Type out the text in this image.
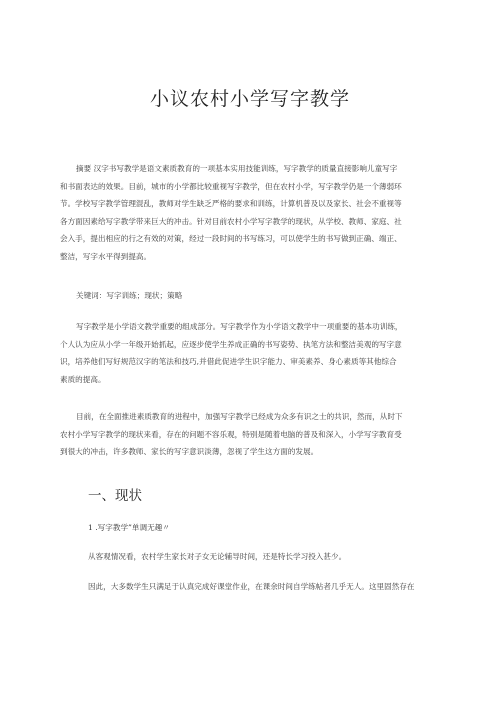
小议农村小学写字教学
摘要 汉字书写教学是语文素质教育的一项基本实用技能训练，写字教学的质量直接影响儿童写字
和书面表达的效果。目前，城市的小学都比较重视写字教学，但在农村小学，写字教学仍是一个薄弱环
节。学校写字教学管理混乱，教师对学生缺乏严格的要求和训练，计算机普及以及家长、社会不重视等
各方面因素给写字教学带来巨大的冲击。针对目前农村小学写字教学的现状，从学校、教师、家庭、社
会入手，提出相应的行之有效的对策，经过一段时间的书写练习，可以使学生的书写做到正确、端正、
整洁，写字水平得到提高。
关键词：写字训练；现状；策略
写字教学是小学语文教学重要的组成部分。写字教学作为小学语文教学中一项重要的基本功训练，
个人认为应从小学一年级开始抓起，应逐步使学生养成正确的书写姿势、执笔方法和整洁美观的写字意
识，培养他们写好规范汉字的笔法和技巧,并借此促进学生识字能力、审美素养、身心素质等其他综合
素质的提高。
目前，在全面推进素质教育的进程中，加强写字教学已经成为众多有识之士的共识，然而，从时下
农村小学写字教学的现状来看，存在的问题不容乐观，特别是随着电脑的普及和深入，小学写字教育受
到很大的冲击，许多教师、家长的写字意识淡薄，忽视了学生这方面的发展。
一、现状
1 .写字教学”单调无趣〃
从客观情况看，农村学生家长对子女无论辅导时间，还是特长学习投入甚少。
因此，大多数学生只满足于认真完成好课堂作业，在课余时间自学练帖者几乎无人。这里固然存在
